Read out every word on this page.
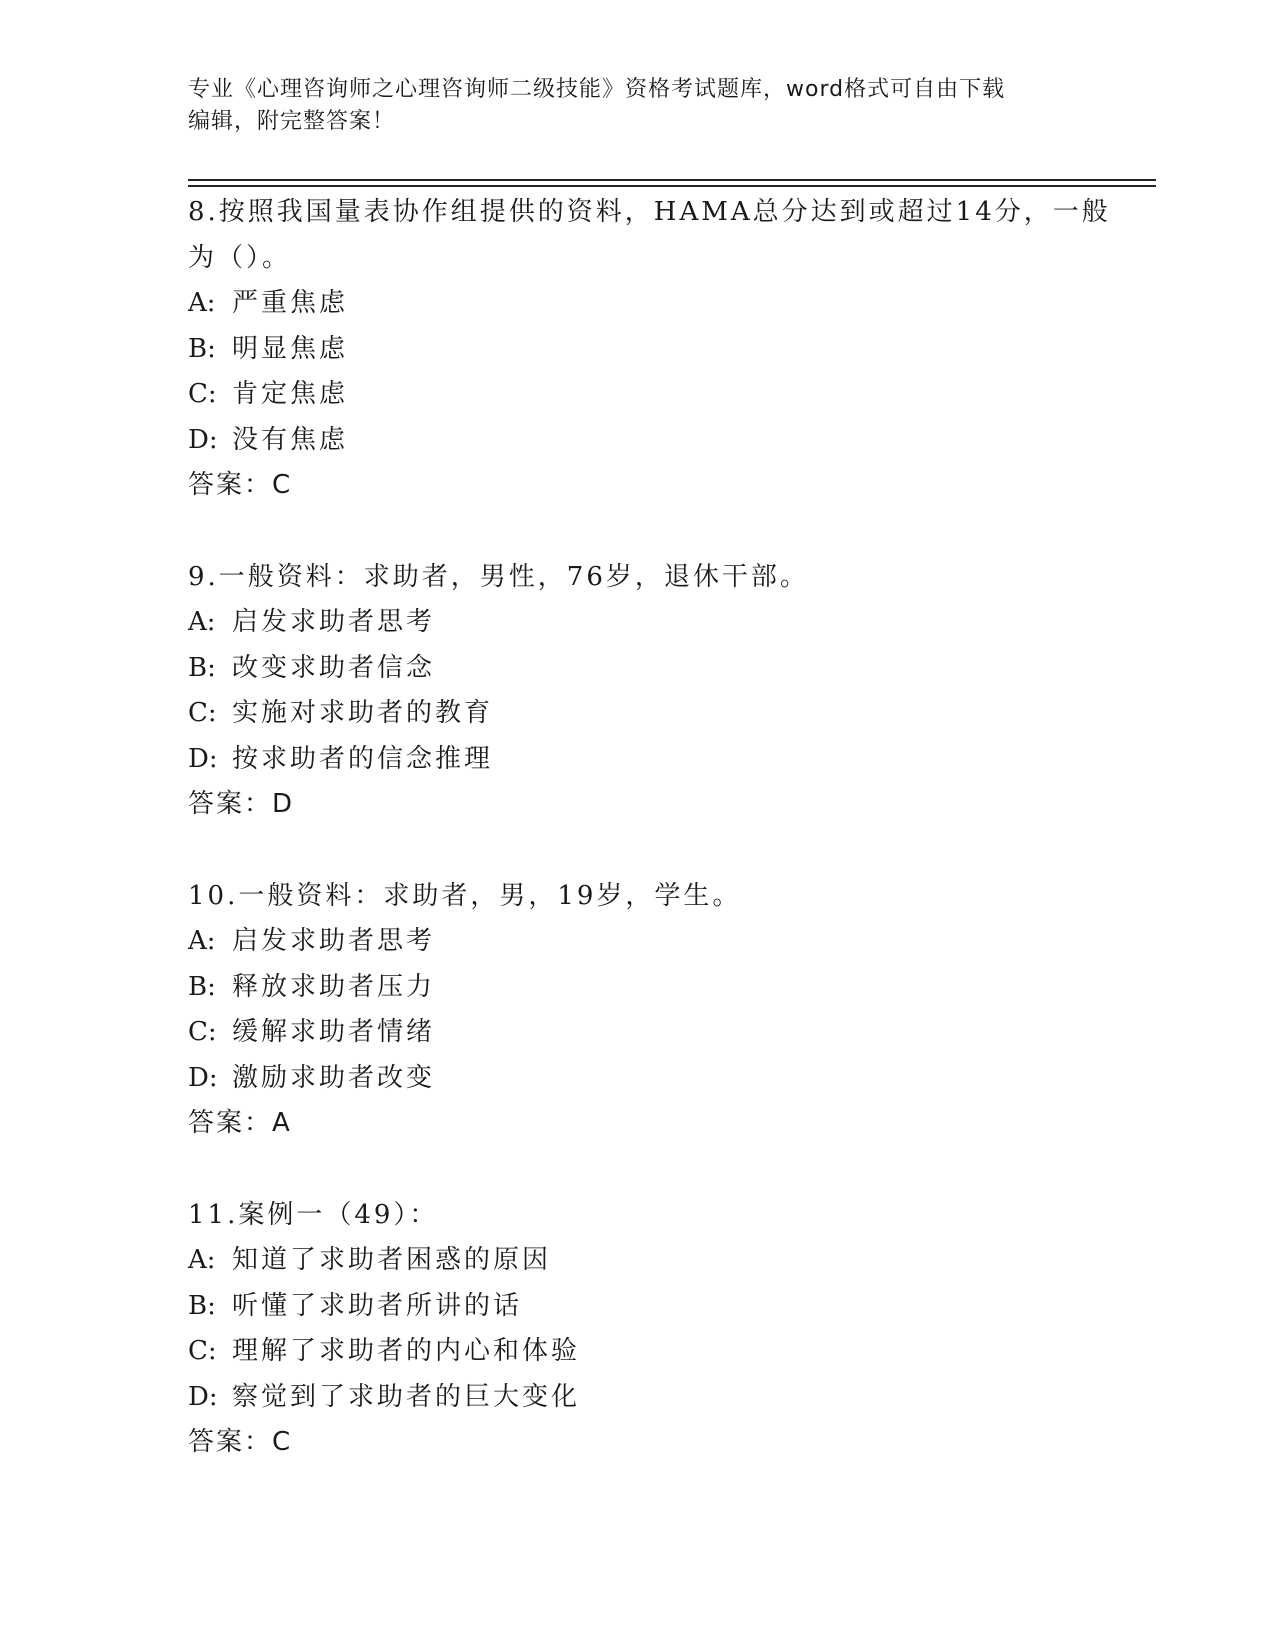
专业《心理咨询师之心理咨询师二级技能》资格考试题库，word格式可自由下载
编辑，附完整答案！
8.按照我国量表协作组提供的资料，HAMA总分达到或超过14分，一般
为（）。
A: 严重焦虑
B: 明显焦虑
C: 肯定焦虑
D: 没有焦虑
答案：C
9.一般资料：求助者，男性，76岁，退休干部。
A: 启发求助者思考
B: 改变求助者信念
C: 实施对求助者的教育
D: 按求助者的信念推理
答案：D
10.一般资料：求助者，男，19岁，学生。
A: 启发求助者思考
B: 释放求助者压力
C: 缓解求助者情绪
D: 激励求助者改变
答案：A
11.案例一（49）：
A: 知道了求助者困惑的原因
B: 听懂了求助者所讲的话
C: 理解了求助者的内心和体验
D: 察觉到了求助者的巨大变化
答案：C
